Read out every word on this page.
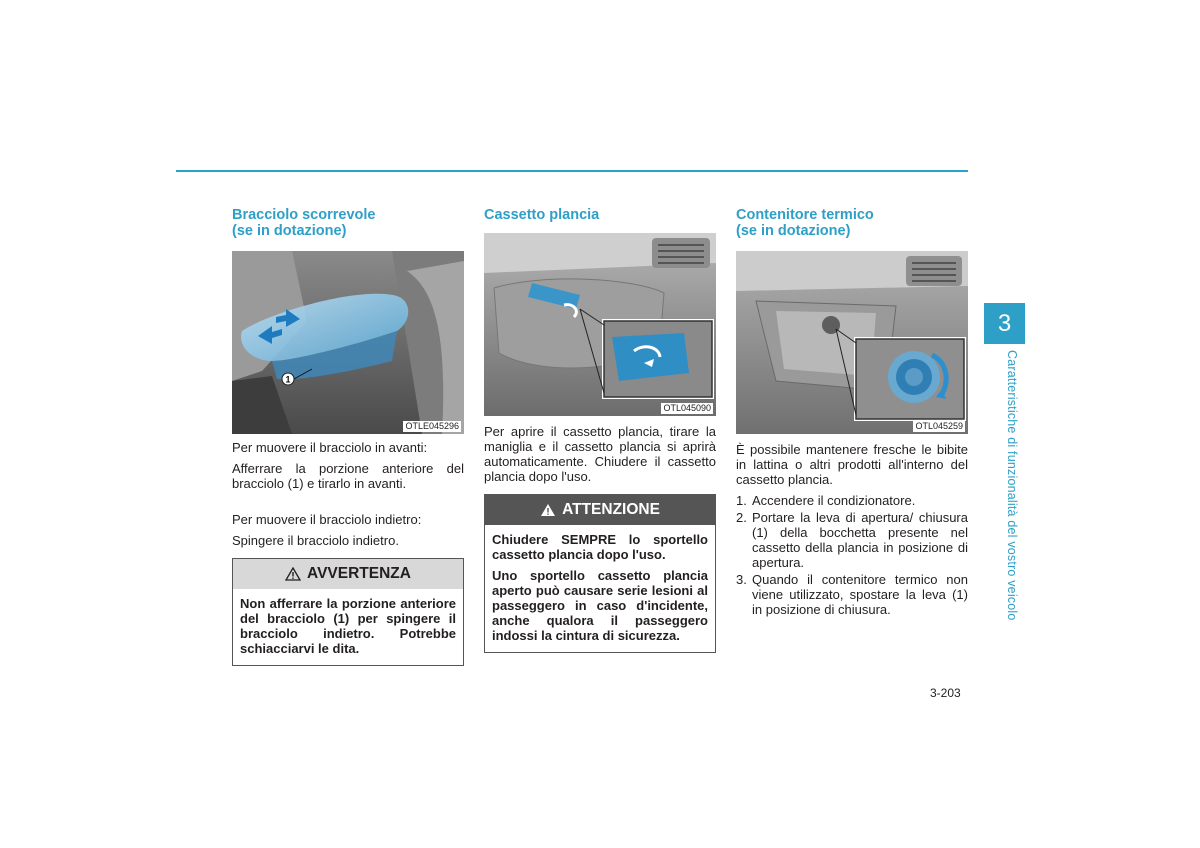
Bracciolo scorrevole
(se in dotazione)
1
OTLE045296

Per muovere il bracciolo in avanti:

Afferrare la porzione anteriore del bracciolo (1) e tirarlo in avanti.

Per muovere il bracciolo indietro:

Spingere il bracciolo indietro.

AVVERTENZA

Non afferrare la porzione anteriore del bracciolo (1) per spingere il bracciolo indietro. Potrebbe schiacciarvi le dita.

Cassetto plancia
OTL045090

Per aprire il cassetto plancia, tirare la maniglia e il cassetto plancia si aprirà automaticamente. Chiudere il cassetto plancia dopo l'uso.

ATTENZIONE

Chiudere SEMPRE lo sportello cassetto plancia dopo l'uso.

Uno sportello cassetto plancia aperto può causare serie lesioni al passeggero in caso d'incidente, anche qualora il passeggero indossi la cintura di sicurezza.

Contenitore termico
(se in dotazione)
OTL045259

È possibile mantenere fresche le bibite in lattina o altri prodotti all'interno del cassetto plancia.

1. Accendere il condizionatore.
2. Portare la leva di apertura/ chiusura (1) della bocchetta presente nel cassetto della plancia in posizione di apertura.
3. Quando il contenitore termico non viene utilizzato, spostare la leva (1) in posizione di chiusura.
3
Caratteristiche di funzionalità del vostro veicolo
3-203
